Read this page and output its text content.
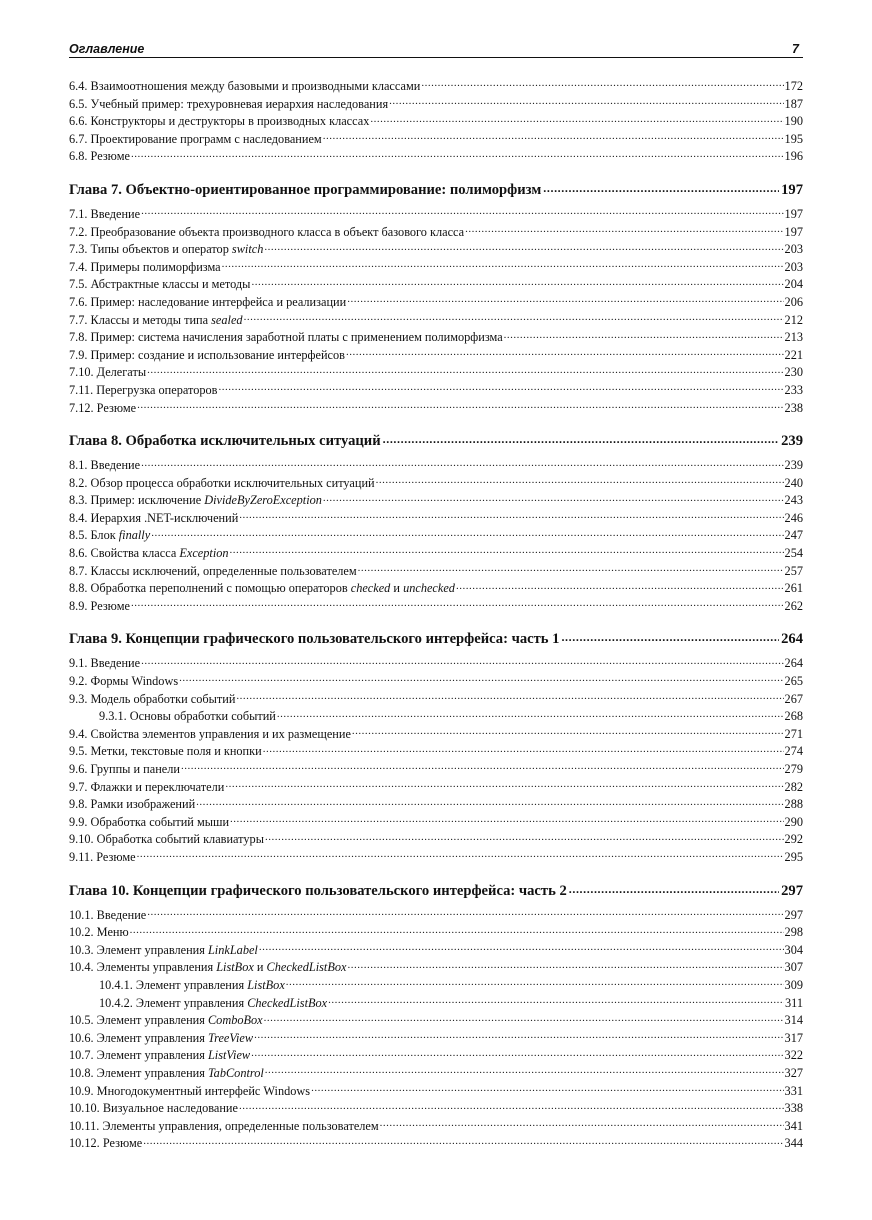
Оглавление	7
6.4. Взаимоотношения между базовыми и производными классами .....	172
6.5. Учебный пример: трехуровневая иерархия наследования .....	187
6.6. Конструкторы и деструкторы в производных классах .....	190
6.7. Проектирование программ с наследованием .....	195
6.8. Резюме .....	196
Глава 7. Объектно-ориентированное программирование: полиморфизм .....	197
7.1. Введение .....	197
7.2. Преобразование объекта производного класса в объект базового класса .....	197
7.3. Типы объектов и оператор switch .....	203
7.4. Примеры полиморфизма .....	203
7.5. Абстрактные классы и методы .....	204
7.6. Пример: наследование интерфейса и реализации .....	206
7.7. Классы и методы типа sealed .....	212
7.8. Пример: система начисления заработной платы с применением полиморфизма .....	213
7.9. Пример: создание и использование интерфейсов .....	221
7.10. Делегаты .....	230
7.11. Перегрузка операторов .....	233
7.12. Резюме .....	238
Глава 8. Обработка исключительных ситуаций .....	239
8.1. Введение .....	239
8.2. Обзор процесса обработки исключительных ситуаций .....	240
8.3. Пример: исключение DivideByZeroException .....	243
8.4. Иерархия .NET-исключений .....	246
8.5. Блок finally .....	247
8.6. Свойства класса Exception .....	254
8.7. Классы исключений, определенные пользователем .....	257
8.8. Обработка переполнений с помощью операторов checked и unchecked .....	261
8.9. Резюме .....	262
Глава 9. Концепции графического пользовательского интерфейса: часть 1 .....	264
9.1. Введение .....	264
9.2. Формы Windows .....	265
9.3. Модель обработки событий .....	267
9.3.1. Основы обработки событий .....	268
9.4. Свойства элементов управления и их размещение .....	271
9.5. Метки, текстовые поля и кнопки .....	274
9.6. Группы и панели .....	279
9.7. Флажки и переключатели .....	282
9.8. Рамки изображений .....	288
9.9. Обработка событий мыши .....	290
9.10. Обработка событий клавиатуры .....	292
9.11. Резюме .....	295
Глава 10. Концепции графического пользовательского интерфейса: часть 2 .....	297
10.1. Введение .....	297
10.2. Меню .....	298
10.3. Элемент управления LinkLabel .....	304
10.4. Элементы управления ListBox и CheckedListBox .....	307
10.4.1. Элемент управления ListBox .....	309
10.4.2. Элемент управления CheckedListBox .....	311
10.5. Элемент управления ComboBox .....	314
10.6. Элемент управления TreeView .....	317
10.7. Элемент управления ListView .....	322
10.8. Элемент управления TabControl .....	327
10.9. Многодокументный интерфейс Windows .....	331
10.10. Визуальное наследование .....	338
10.11. Элементы управления, определенные пользователем .....	341
10.12. Резюме .....	344
